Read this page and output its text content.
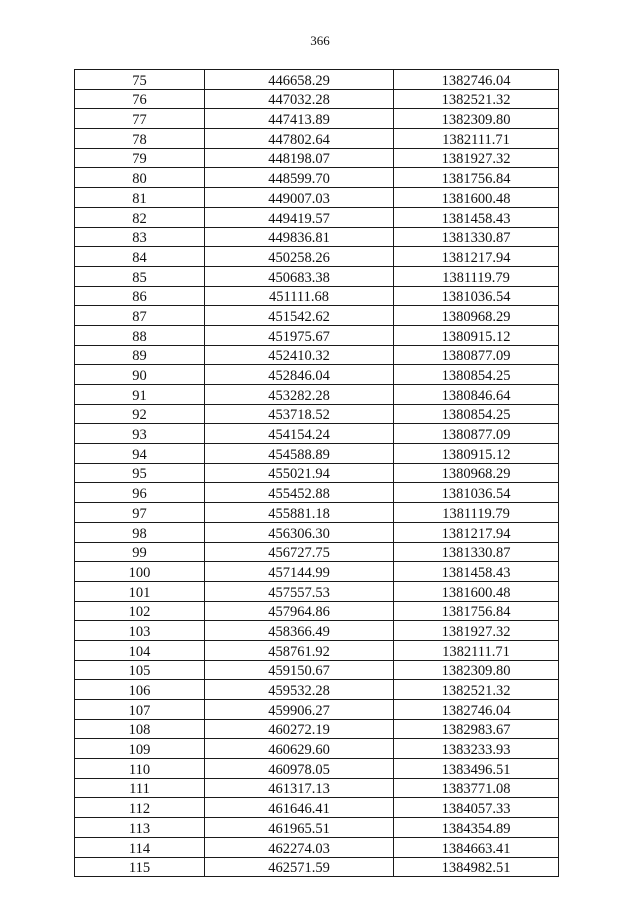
366
75	446658.29	1382746.04
76	447032.28	1382521.32
77	447413.89	1382309.80
78	447802.64	1382111.71
79	448198.07	1381927.32
80	448599.70	1381756.84
81	449007.03	1381600.48
82	449419.57	1381458.43
83	449836.81	1381330.87
84	450258.26	1381217.94
85	450683.38	1381119.79
86	451111.68	1381036.54
87	451542.62	1380968.29
88	451975.67	1380915.12
89	452410.32	1380877.09
90	452846.04	1380854.25
91	453282.28	1380846.64
92	453718.52	1380854.25
93	454154.24	1380877.09
94	454588.89	1380915.12
95	455021.94	1380968.29
96	455452.88	1381036.54
97	455881.18	1381119.79
98	456306.30	1381217.94
99	456727.75	1381330.87
100	457144.99	1381458.43
101	457557.53	1381600.48
102	457964.86	1381756.84
103	458366.49	1381927.32
104	458761.92	1382111.71
105	459150.67	1382309.80
106	459532.28	1382521.32
107	459906.27	1382746.04
108	460272.19	1382983.67
109	460629.60	1383233.93
110	460978.05	1383496.51
111	461317.13	1383771.08
112	461646.41	1384057.33
113	461965.51	1384354.89
114	462274.03	1384663.41
115	462571.59	1384982.51
